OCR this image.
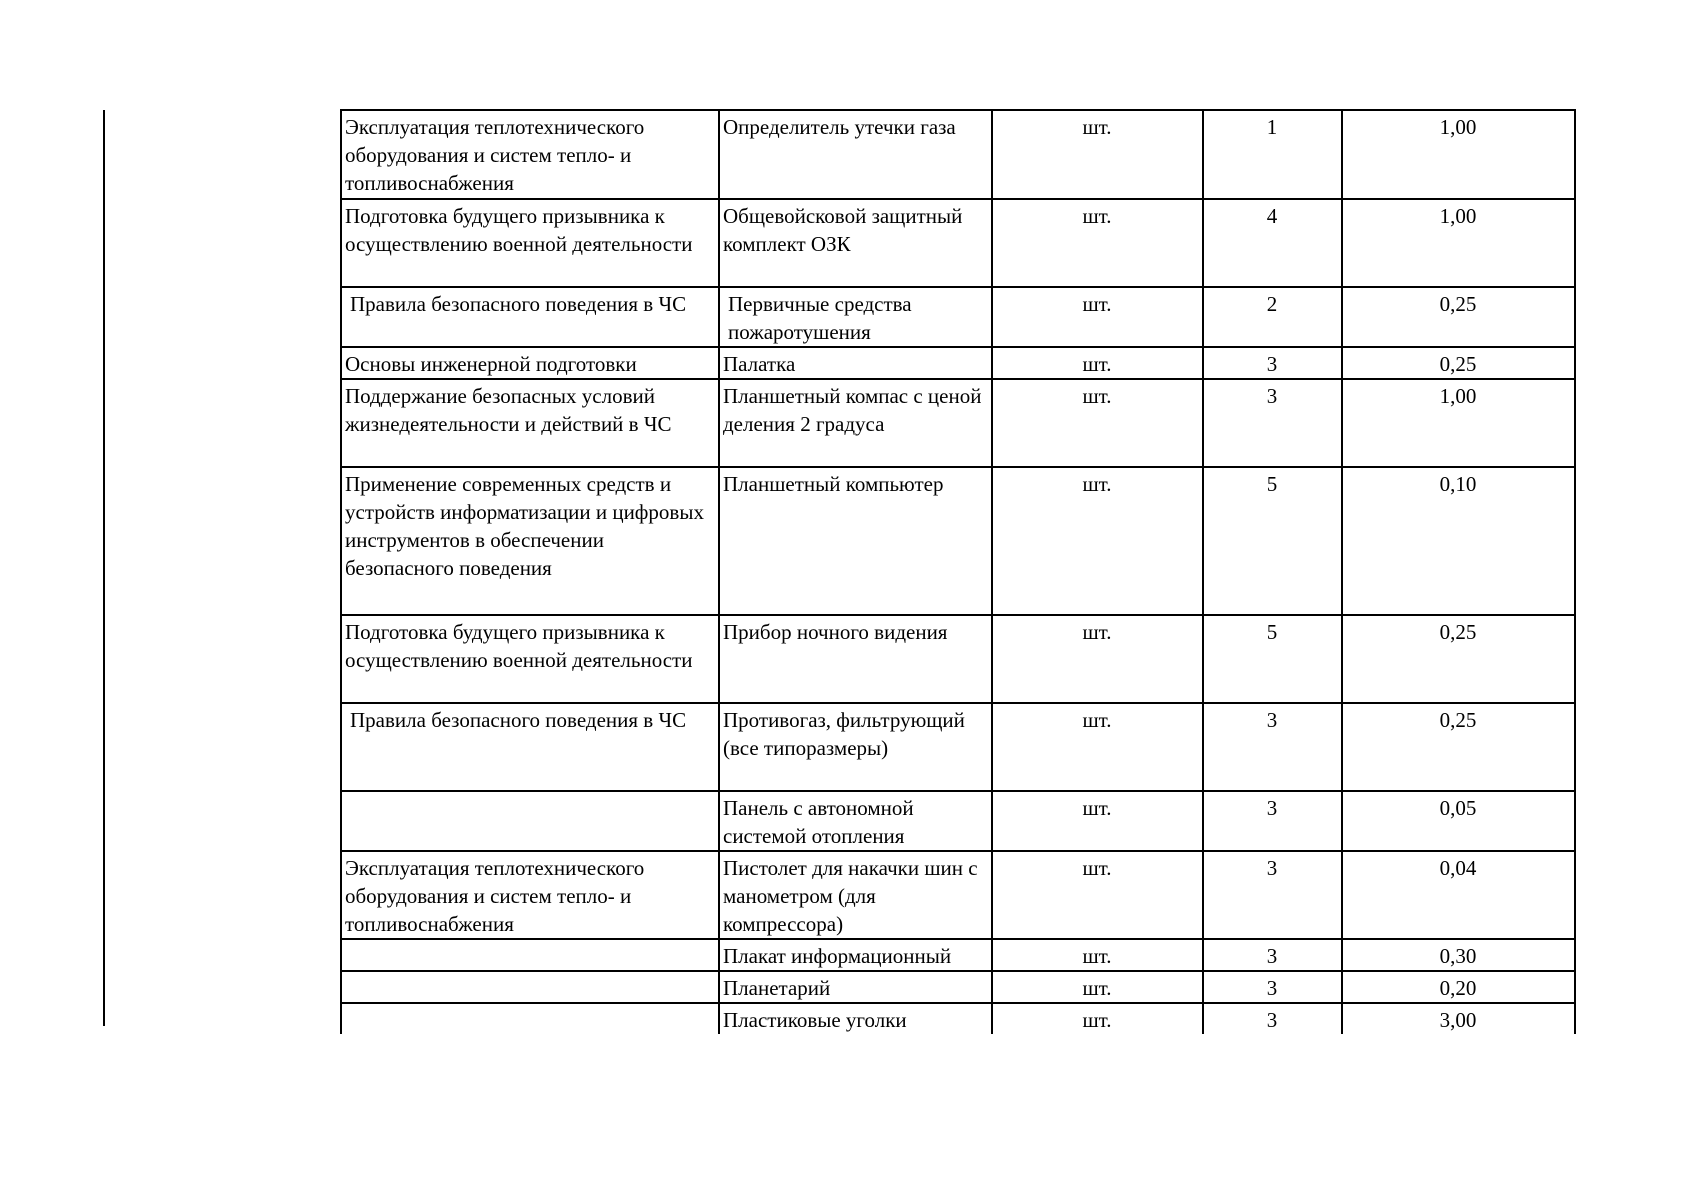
Эксплуатация теплотехнического оборудования и систем тепло- и топливоснабжения	Определитель утечки газа	шт.	1	1,00
Подготовка будущего призывника к осуществлению военной деятельности	Общевойсковой защитный комплект ОЗК	шт.	4	1,00
Правила безопасного поведения в ЧС	Первичные средства пожаротушения	шт.	2	0,25
Основы инженерной подготовки	Палатка	шт.	3	0,25
Поддержание безопасных условий жизнедеятельности и действий в ЧС	Планшетный компас с ценой деления 2 градуса	шт.	3	1,00
Применение современных средств и устройств информатизации и цифровых инструментов в обеспечении безопасного поведения	Планшетный компьютер	шт.	5	0,10
Подготовка будущего призывника к осуществлению военной деятельности	Прибор ночного видения	шт.	5	0,25
Правила безопасного поведения в ЧС	Противогаз, фильтрующий (все типоразмеры)	шт.	3	0,25
	Панель с автономной системой отопления	шт.	3	0,05
Эксплуатация теплотехнического оборудования и систем тепло- и топливоснабжения	Пистолет для накачки шин с манометром (для компрессора)	шт.	3	0,04
	Плакат информационный	шт.	3	0,30
	Планетарий	шт.	3	0,20
	Пластиковые уголки	шт.	3	3,00
